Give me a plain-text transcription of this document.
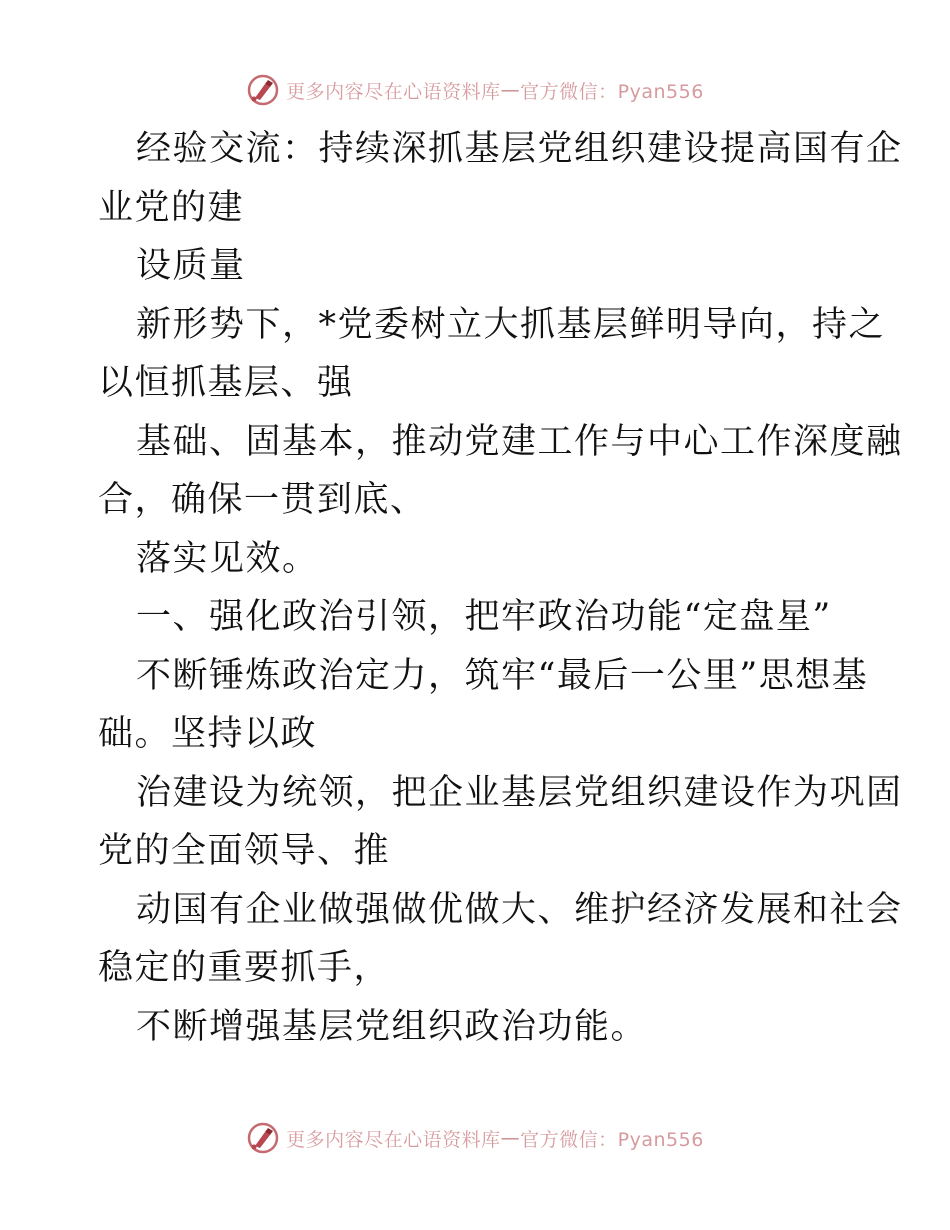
更多内容尽在心语资料库 — 官方微信：Pyan556
经验交流：持续深抓基层党组织建设提高国有企
业党的建
设质量
新形势下，*党委树立大抓基层鲜明导向，持之
以恒抓基层、强
基础、固基本，推动党建工作与中心工作深度融
合，确保一贯到底、
落实见效。
一、强化政治引领，把牢政治功能“定盘星”
不断锤炼政治定力，筑牢“最后一公里”思想基
础。坚持以政
治建设为统领，把企业基层党组织建设作为巩固
党的全面领导、推
动国有企业做强做优做大、维护经济发展和社会
稳定的重要抓手，
不断增强基层党组织政治功能。
更多内容尽在心语资料库 — 官方微信：Pyan556
